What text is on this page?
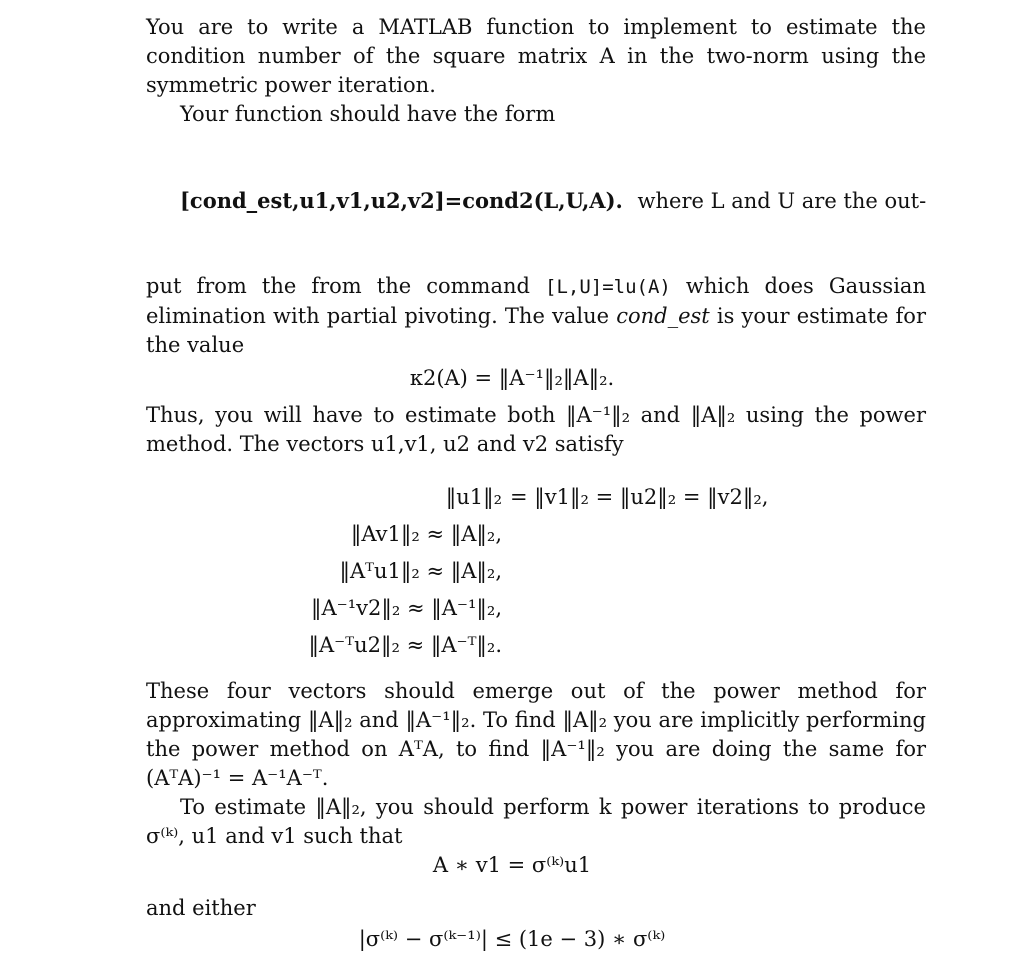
You are to write a MATLAB function to implement to estimate the condition number of the square matrix A in the two-norm using the symmetric power iteration.

Your function should have the form

[cond_est,u1,v1,u2,v2]=cond2(L,U,A). where L and U are the out-

put from the from the command [L,U]=lu(A) which does Gaussian elimination with partial pivoting. The value cond_est is your estimate for the value

κ2(A) = ‖A⁻¹‖₂‖A‖₂.

Thus, you will have to estimate both ‖A⁻¹‖₂ and ‖A‖₂ using the power method. The vectors u1,v1, u2 and v2 satisfy

‖u1‖₂ = ‖v1‖₂ = ‖u2‖₂ = ‖v2‖₂,
‖Av1‖₂ ≈ ‖A‖₂,
‖Aᵀu1‖₂ ≈ ‖A‖₂,
‖A⁻¹v2‖₂ ≈ ‖A⁻¹‖₂,
‖A⁻ᵀu2‖₂ ≈ ‖A⁻ᵀ‖₂.

These four vectors should emerge out of the power method for approximating ‖A‖₂ and ‖A⁻¹‖₂. To find ‖A‖₂ you are implicitly performing the power method on AᵀA, to find ‖A⁻¹‖₂ you are doing the same for (AᵀA)⁻¹ = A⁻¹A⁻ᵀ.

To estimate ‖A‖₂, you should perform k power iterations to produce σ⁽ᵏ⁾, u1 and v1 such that

A ∗ v1 = σ⁽ᵏ⁾u1

and either

|σ⁽ᵏ⁾ − σ⁽ᵏ⁻¹⁾| ≤ (1e − 3) ∗ σ⁽ᵏ⁾
